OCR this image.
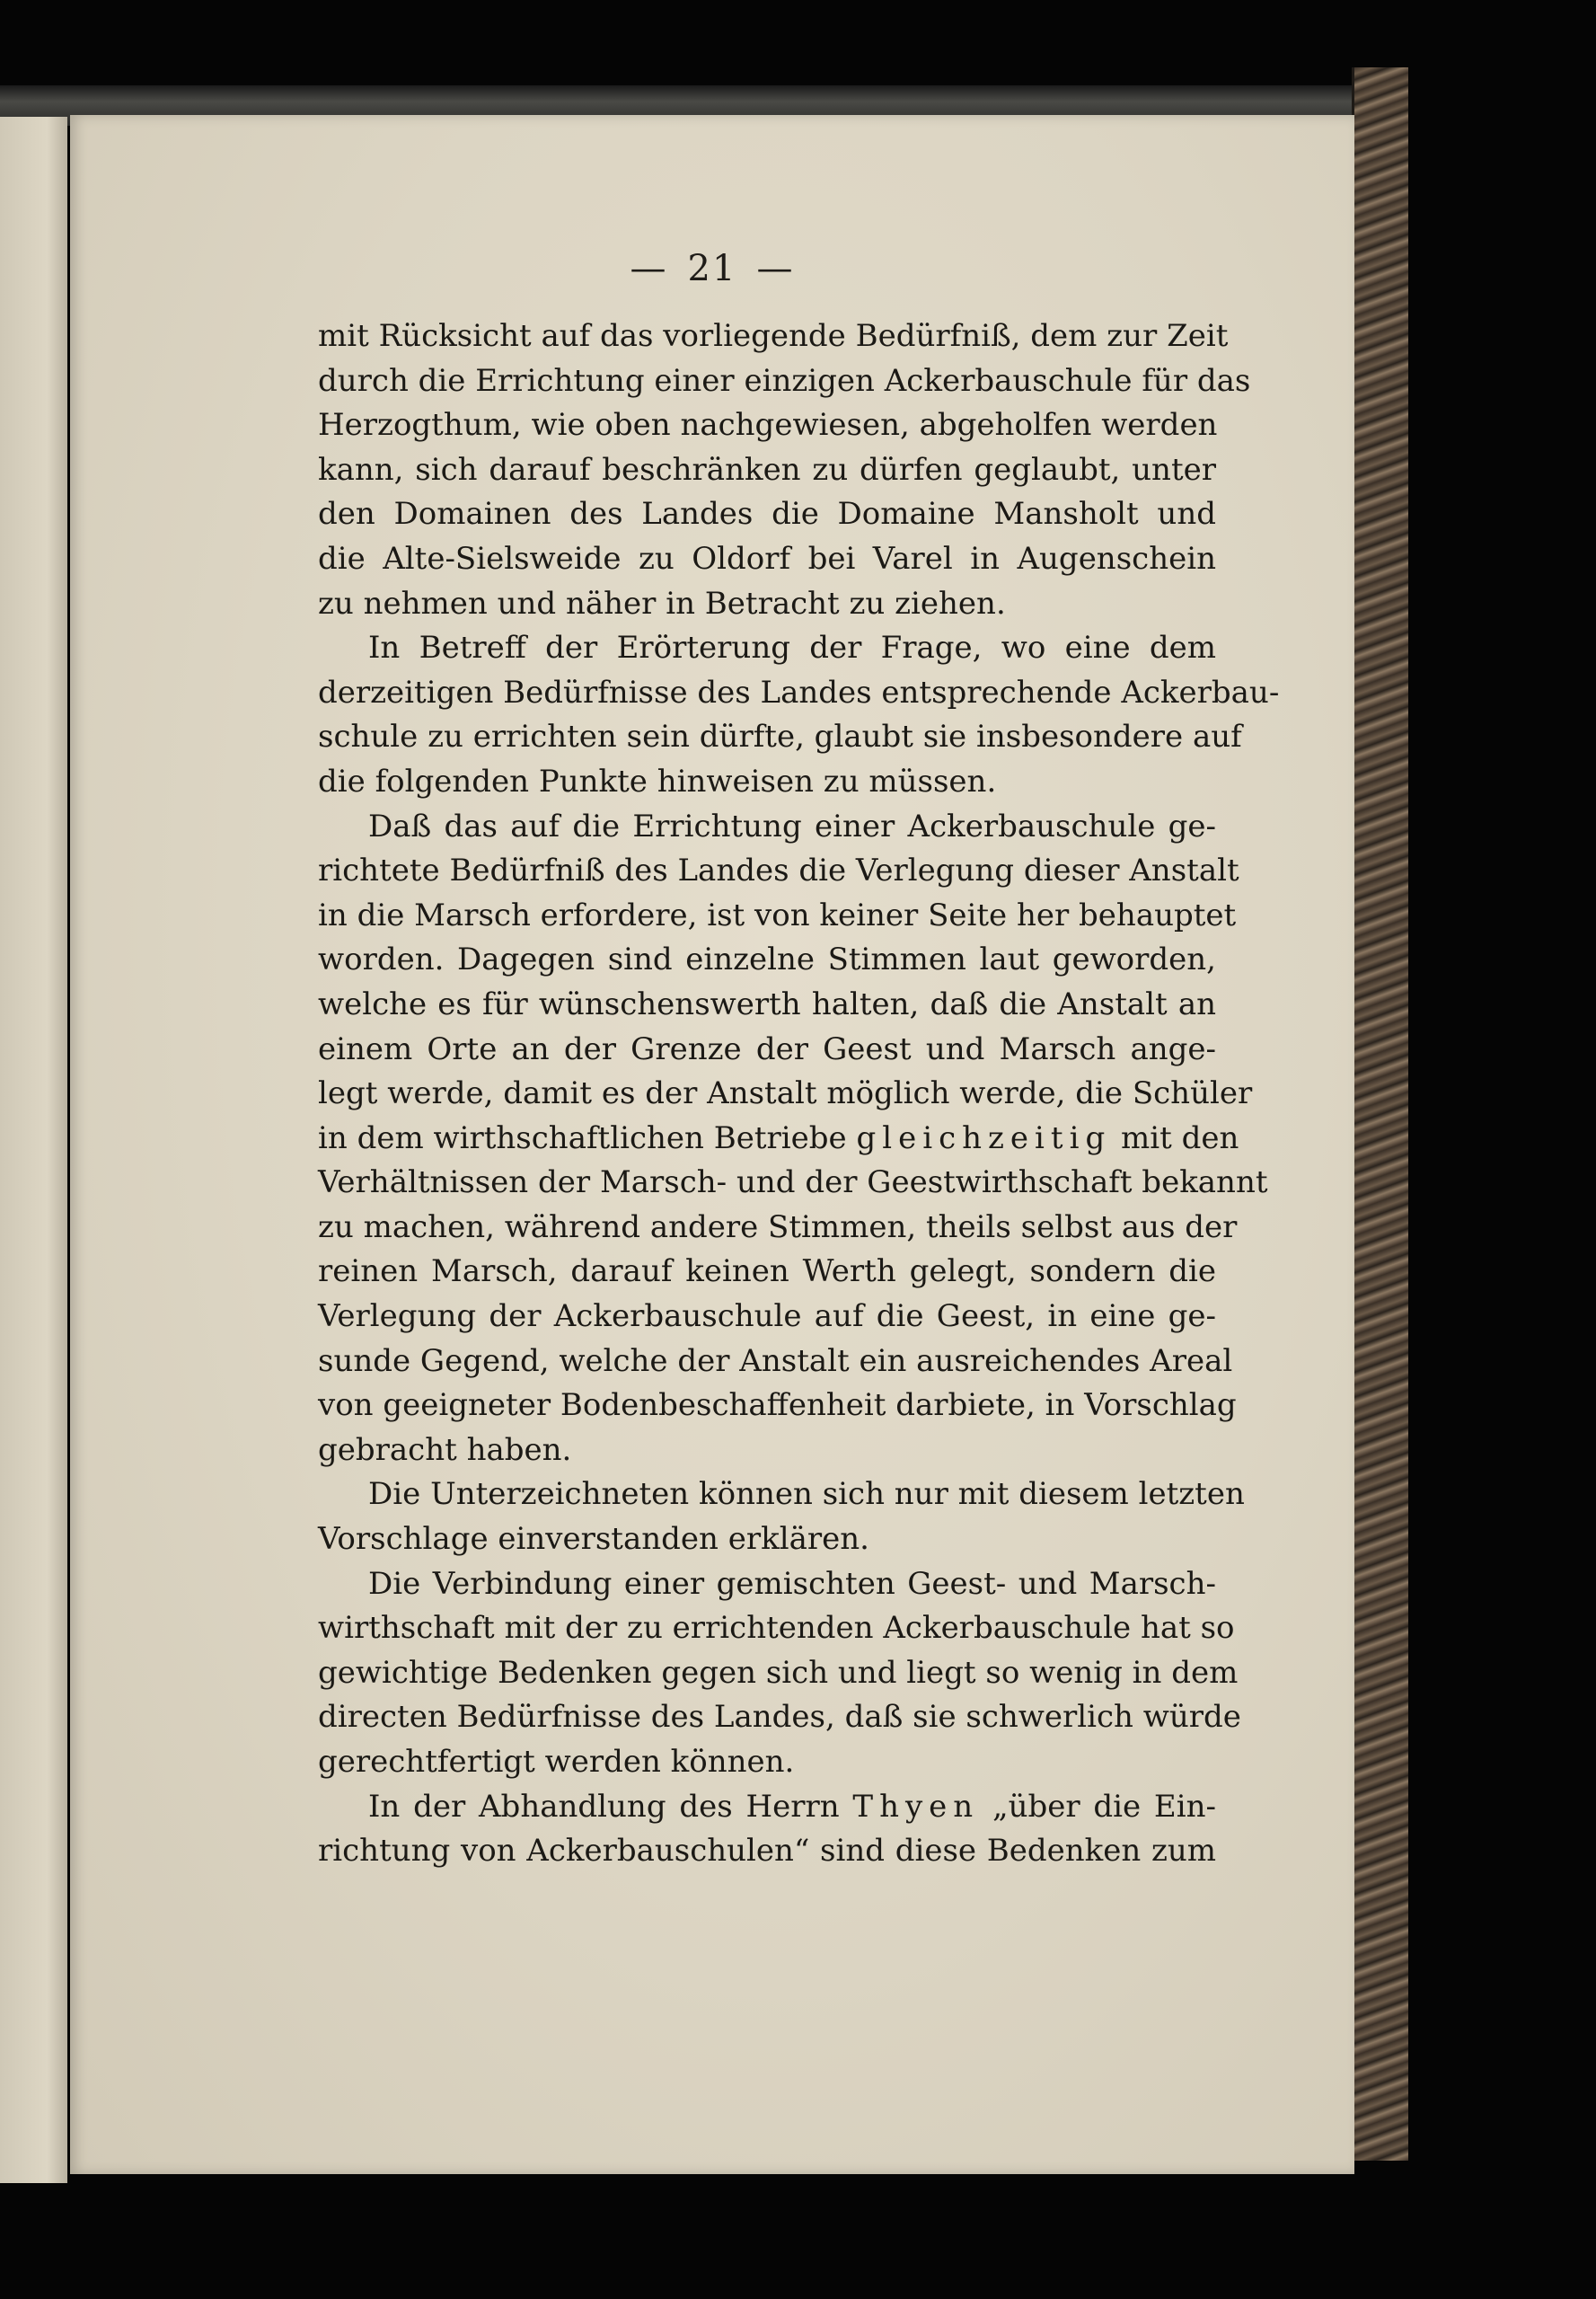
— 21 —
mit Rücksicht auf das vorliegende Bedürfniß, dem zur Zeit
durch die Errichtung einer einzigen Ackerbauschule für das
Herzogthum, wie oben nachgewiesen, abgeholfen werden
kann, sich darauf beschränken zu dürfen geglaubt, unter
den Domainen des Landes die Domaine Mansholt und
die Alte-Sielsweide zu Oldorf bei Varel in Augenschein
zu nehmen und näher in Betracht zu ziehen.
In Betreff der Erörterung der Frage, wo eine dem
derzeitigen Bedürfnisse des Landes entsprechende Ackerbau-
schule zu errichten sein dürfte, glaubt sie insbesondere auf
die folgenden Punkte hinweisen zu müssen.
Daß das auf die Errichtung einer Ackerbauschule ge-
richtete Bedürfniß des Landes die Verlegung dieser Anstalt
in die Marsch erfordere, ist von keiner Seite her behauptet
worden. Dagegen sind einzelne Stimmen laut geworden,
welche es für wünschenswerth halten, daß die Anstalt an
einem Orte an der Grenze der Geest und Marsch ange-
legt werde, damit es der Anstalt möglich werde, die Schüler
in dem wirthschaftlichen Betriebe gleichzeitig mit den
Verhältnissen der Marsch- und der Geestwirthschaft bekannt
zu machen, während andere Stimmen, theils selbst aus der
reinen Marsch, darauf keinen Werth gelegt, sondern die
Verlegung der Ackerbauschule auf die Geest, in eine ge-
sunde Gegend, welche der Anstalt ein ausreichendes Areal
von geeigneter Bodenbeschaffenheit darbiete, in Vorschlag
gebracht haben.
Die Unterzeichneten können sich nur mit diesem letzten
Vorschlage einverstanden erklären.
Die Verbindung einer gemischten Geest- und Marsch-
wirthschaft mit der zu errichtenden Ackerbauschule hat so
gewichtige Bedenken gegen sich und liegt so wenig in dem
directen Bedürfnisse des Landes, daß sie schwerlich würde
gerechtfertigt werden können.
In der Abhandlung des Herrn Thyen „über die Ein-
richtung von Ackerbauschulen“ sind diese Bedenken zum
